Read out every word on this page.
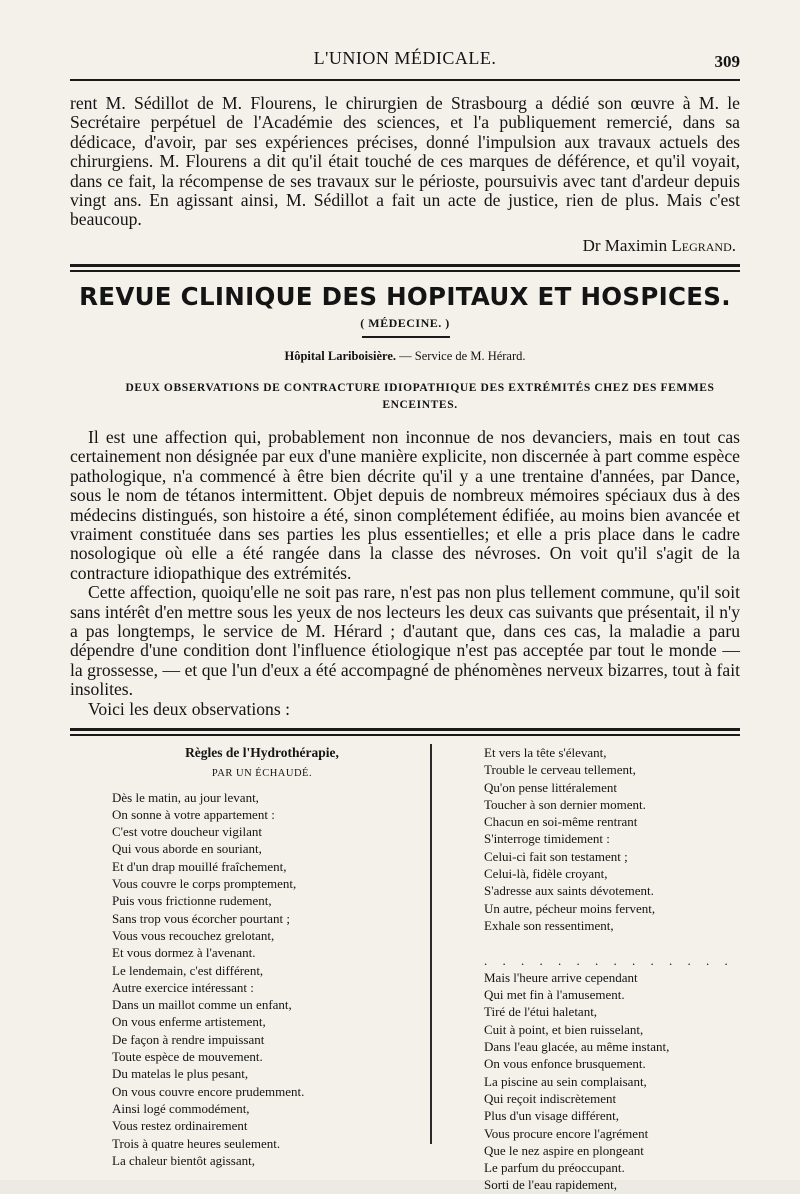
L'UNION MÉDICALE.	309

rent M. Sédillot de M. Flourens, le chirurgien de Strasbourg a dédié son œuvre à M. le Secrétaire perpétuel de l'Académie des sciences, et l'a publiquement remercié, dans sa dédicace, d'avoir, par ses expériences précises, donné l'impulsion aux travaux actuels des chirurgiens. M. Flourens a dit qu'il était touché de ces marques de déférence, et qu'il voyait, dans ce fait, la récompense de ses travaux sur le périoste, poursuivis avec tant d'ardeur depuis vingt ans. En agissant ainsi, M. Sédillot a fait un acte de justice, rien de plus. Mais c'est beaucoup.

Dr Maximin Legrand.
REVUE CLINIQUE DES HOPITAUX ET HOSPICES.
( MÉDECINE. )
Hôpital Lariboisière. — Service de M. Hérard.
DEUX OBSERVATIONS DE CONTRACTURE IDIOPATHIQUE DES EXTRÉMITÉS CHEZ DES FEMMES ENCEINTES.

Il est une affection qui, probablement non inconnue de nos devanciers, mais en tout cas certainement non désignée par eux d'une manière explicite, non discernée à part comme espèce pathologique, n'a commencé à être bien décrite qu'il y a une trentaine d'années, par Dance, sous le nom de tétanos intermittent. Objet depuis de nombreux mémoires spéciaux dus à des médecins distingués, son histoire a été, sinon complétement édifiée, au moins bien avancée et vraiment constituée dans ses parties les plus essentielles; et elle a pris place dans le cadre nosologique où elle a été rangée dans la classe des névroses. On voit qu'il s'agit de la contracture idiopathique des extrémités.

Cette affection, quoiqu'elle ne soit pas rare, n'est pas non plus tellement commune, qu'il soit sans intérêt d'en mettre sous les yeux de nos lecteurs les deux cas suivants que présentait, il n'y a pas longtemps, le service de M. Hérard ; d'autant que, dans ces cas, la maladie a paru dépendre d'une condition dont l'influence étiologique n'est pas acceptée par tout le monde — la grossesse, — et que l'un d'eux a été accompagné de phénomènes nerveux bizarres, tout à fait insolites.

Voici les deux observations :

Règles de l'Hydrothérapie,
PAR UN ÉCHAUDÉ.
Dès le matin, au jour levant,
On sonne à votre appartement :
C'est votre doucheur vigilant
Qui vous aborde en souriant,
Et d'un drap mouillé fraîchement,
Vous couvre le corps promptement,
Puis vous frictionne rudement,
Sans trop vous écorcher pourtant ;
Vous vous recouchez grelotant,
Et vous dormez à l'avenant.
Le lendemain, c'est différent,
Autre exercice intéressant :
Dans un maillot comme un enfant,
On vous enferme artistement,
De façon à rendre impuissant
Toute espèce de mouvement.
Du matelas le plus pesant,
On vous couvre encore prudemment.
Ainsi logé commodément,
Vous restez ordinairement
Trois à quatre heures seulement.
La chaleur bientôt agissant,
Et vers la tête s'élevant,
Trouble le cerveau tellement,
Qu'on pense littéralement
Toucher à son dernier moment.
Chacun en soi-même rentrant
S'interroge timidement :
Celui-ci fait son testament ;
Celui-là, fidèle croyant,
S'adresse aux saints dévotement.
Un autre, pécheur moins fervent,
Exhale son ressentiment,

. . . . . . . . . . . . . .
Mais l'heure arrive cependant
Qui met fin à l'amusement.
Tiré de l'étui haletant,
Cuit à point, et bien ruisselant,
Dans l'eau glacée, au même instant,
On vous enfonce brusquement.
La piscine au sein complaisant,
Qui reçoit indiscrètement
Plus d'un visage différent,
Vous procure encore l'agrément
Que le nez aspire en plongeant
Le parfum du préoccupant.
Sorti de l'eau rapidement,
